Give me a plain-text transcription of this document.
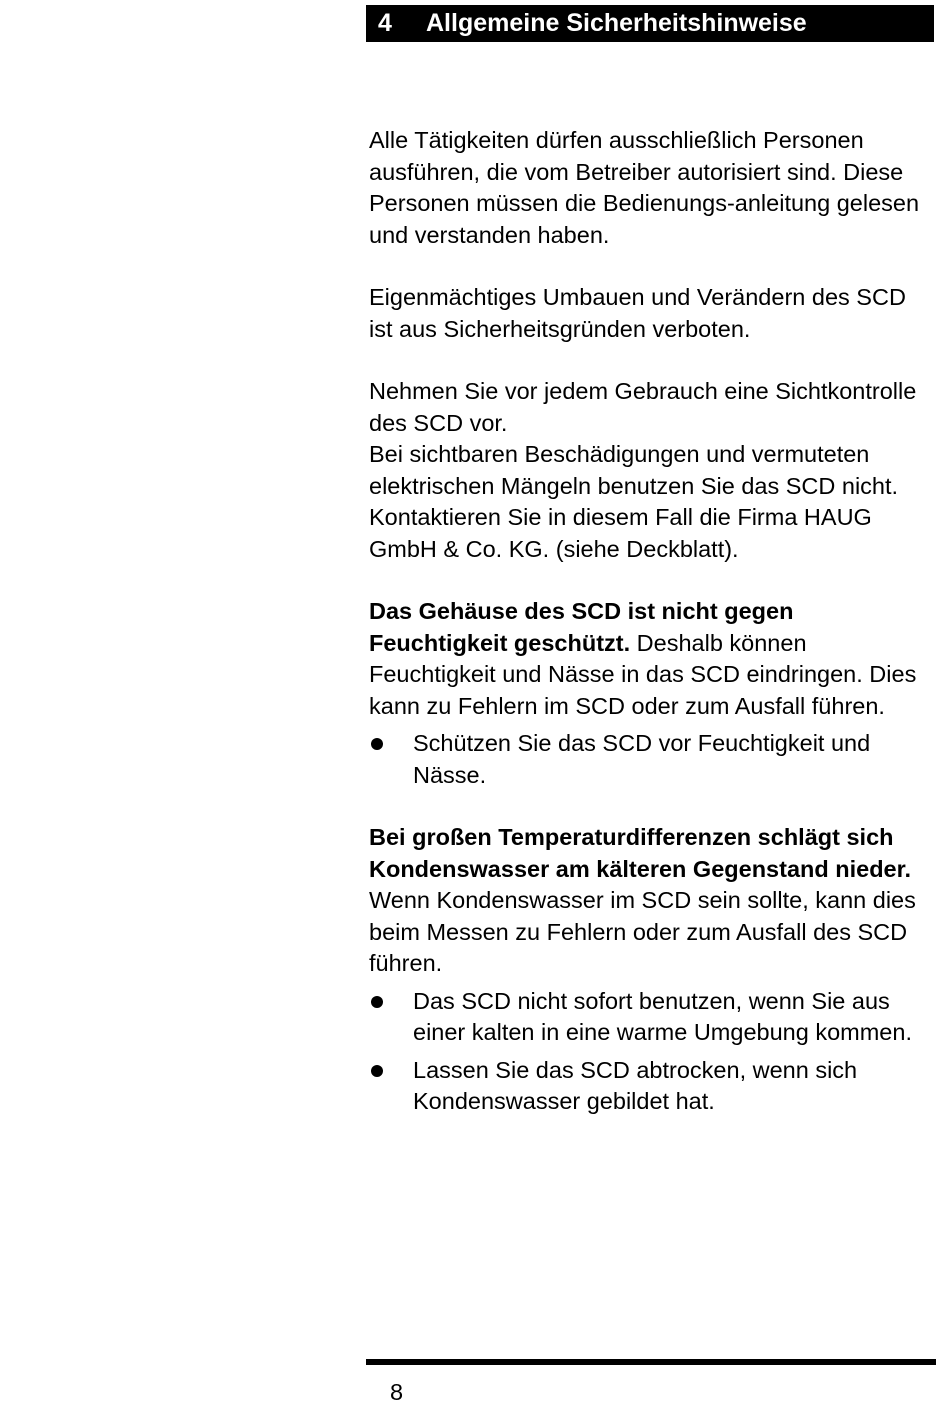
4 Allgemeine Sicherheitshinweise

Alle Tätigkeiten dürfen ausschließlich Personen ausführen, die vom Betreiber autorisiert sind. Diese Personen müssen die Bedienungs-anleitung gelesen und verstanden haben.

Eigenmächtiges Umbauen und Verändern des SCD ist aus Sicherheitsgründen verboten.

Nehmen Sie vor jedem Gebrauch eine Sichtkontrolle des SCD vor.

Bei sichtbaren Beschädigungen und vermuteten elektrischen Mängeln benutzen Sie das SCD nicht. Kontaktieren Sie in diesem Fall die Firma HAUG GmbH & Co. KG. (siehe Deckblatt).

Das Gehäuse des SCD ist nicht gegen Feuchtigkeit geschützt. Deshalb können Feuchtigkeit und Nässe in das SCD eindringen. Dies kann zu Fehlern im SCD oder zum Ausfall führen.

Schützen Sie das SCD vor Feuchtigkeit und Nässe.

Bei großen Temperaturdifferenzen schlägt sich Kondenswasser am kälteren Gegenstand nieder. Wenn Kondenswasser im SCD sein sollte, kann dies beim Messen zu Fehlern oder zum Ausfall des SCD führen.

Das SCD nicht sofort benutzen, wenn Sie aus einer kalten in eine warme Umgebung kommen.
Lassen Sie das SCD abtrocken, wenn sich Kondenswasser gebildet hat.
8
